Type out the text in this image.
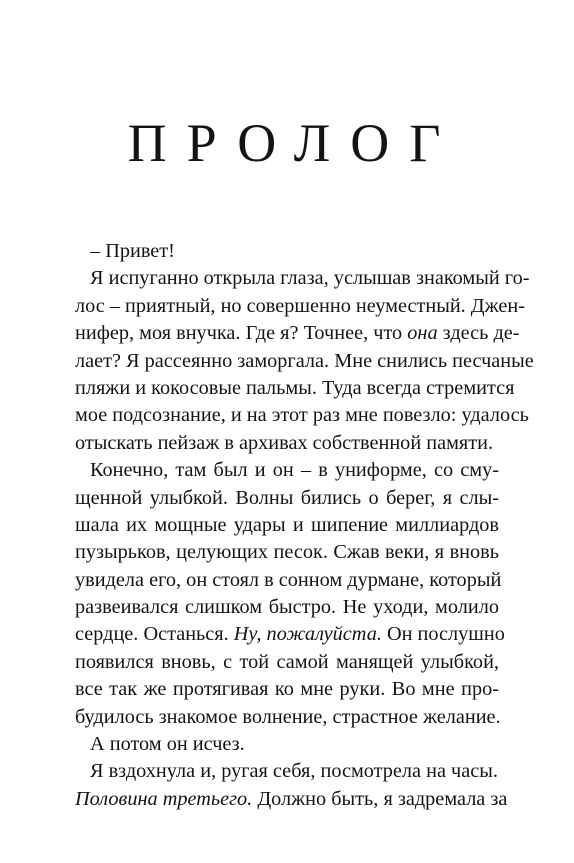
ПРОЛОГ
– Привет!
Я испуганно открыла глаза, услышав знакомый го-
лос – приятный, но совершенно неуместный. Джен-
нифер, моя внучка. Где я? Точнее, что она здесь де-
лает? Я рассеянно заморгала. Мне снились песчаные
пляжи и кокосовые пальмы. Туда всегда стремится
мое подсознание, и на этот раз мне повезло: удалось
отыскать пейзаж в архивах собственной памяти.
Конечно, там был и он – в униформе, со сму-
щенной улыбкой. Волны бились о берег, я слы-
шала их мощные удары и шипение миллиардов
пузырьков, целующих песок. Сжав веки, я вновь
увидела его, он стоял в сонном дурмане, который
развеивался слишком быстро. Не уходи, молило
сердце. Останься. Ну, пожалуйста. Он послушно
появился вновь, с той самой манящей улыбкой,
все так же протягивая ко мне руки. Во мне про-
будилось знакомое волнение, страстное желание.
А потом он исчез.
Я вздохнула и, ругая себя, посмотрела на часы.
Половина третьего. Должно быть, я задремала за
